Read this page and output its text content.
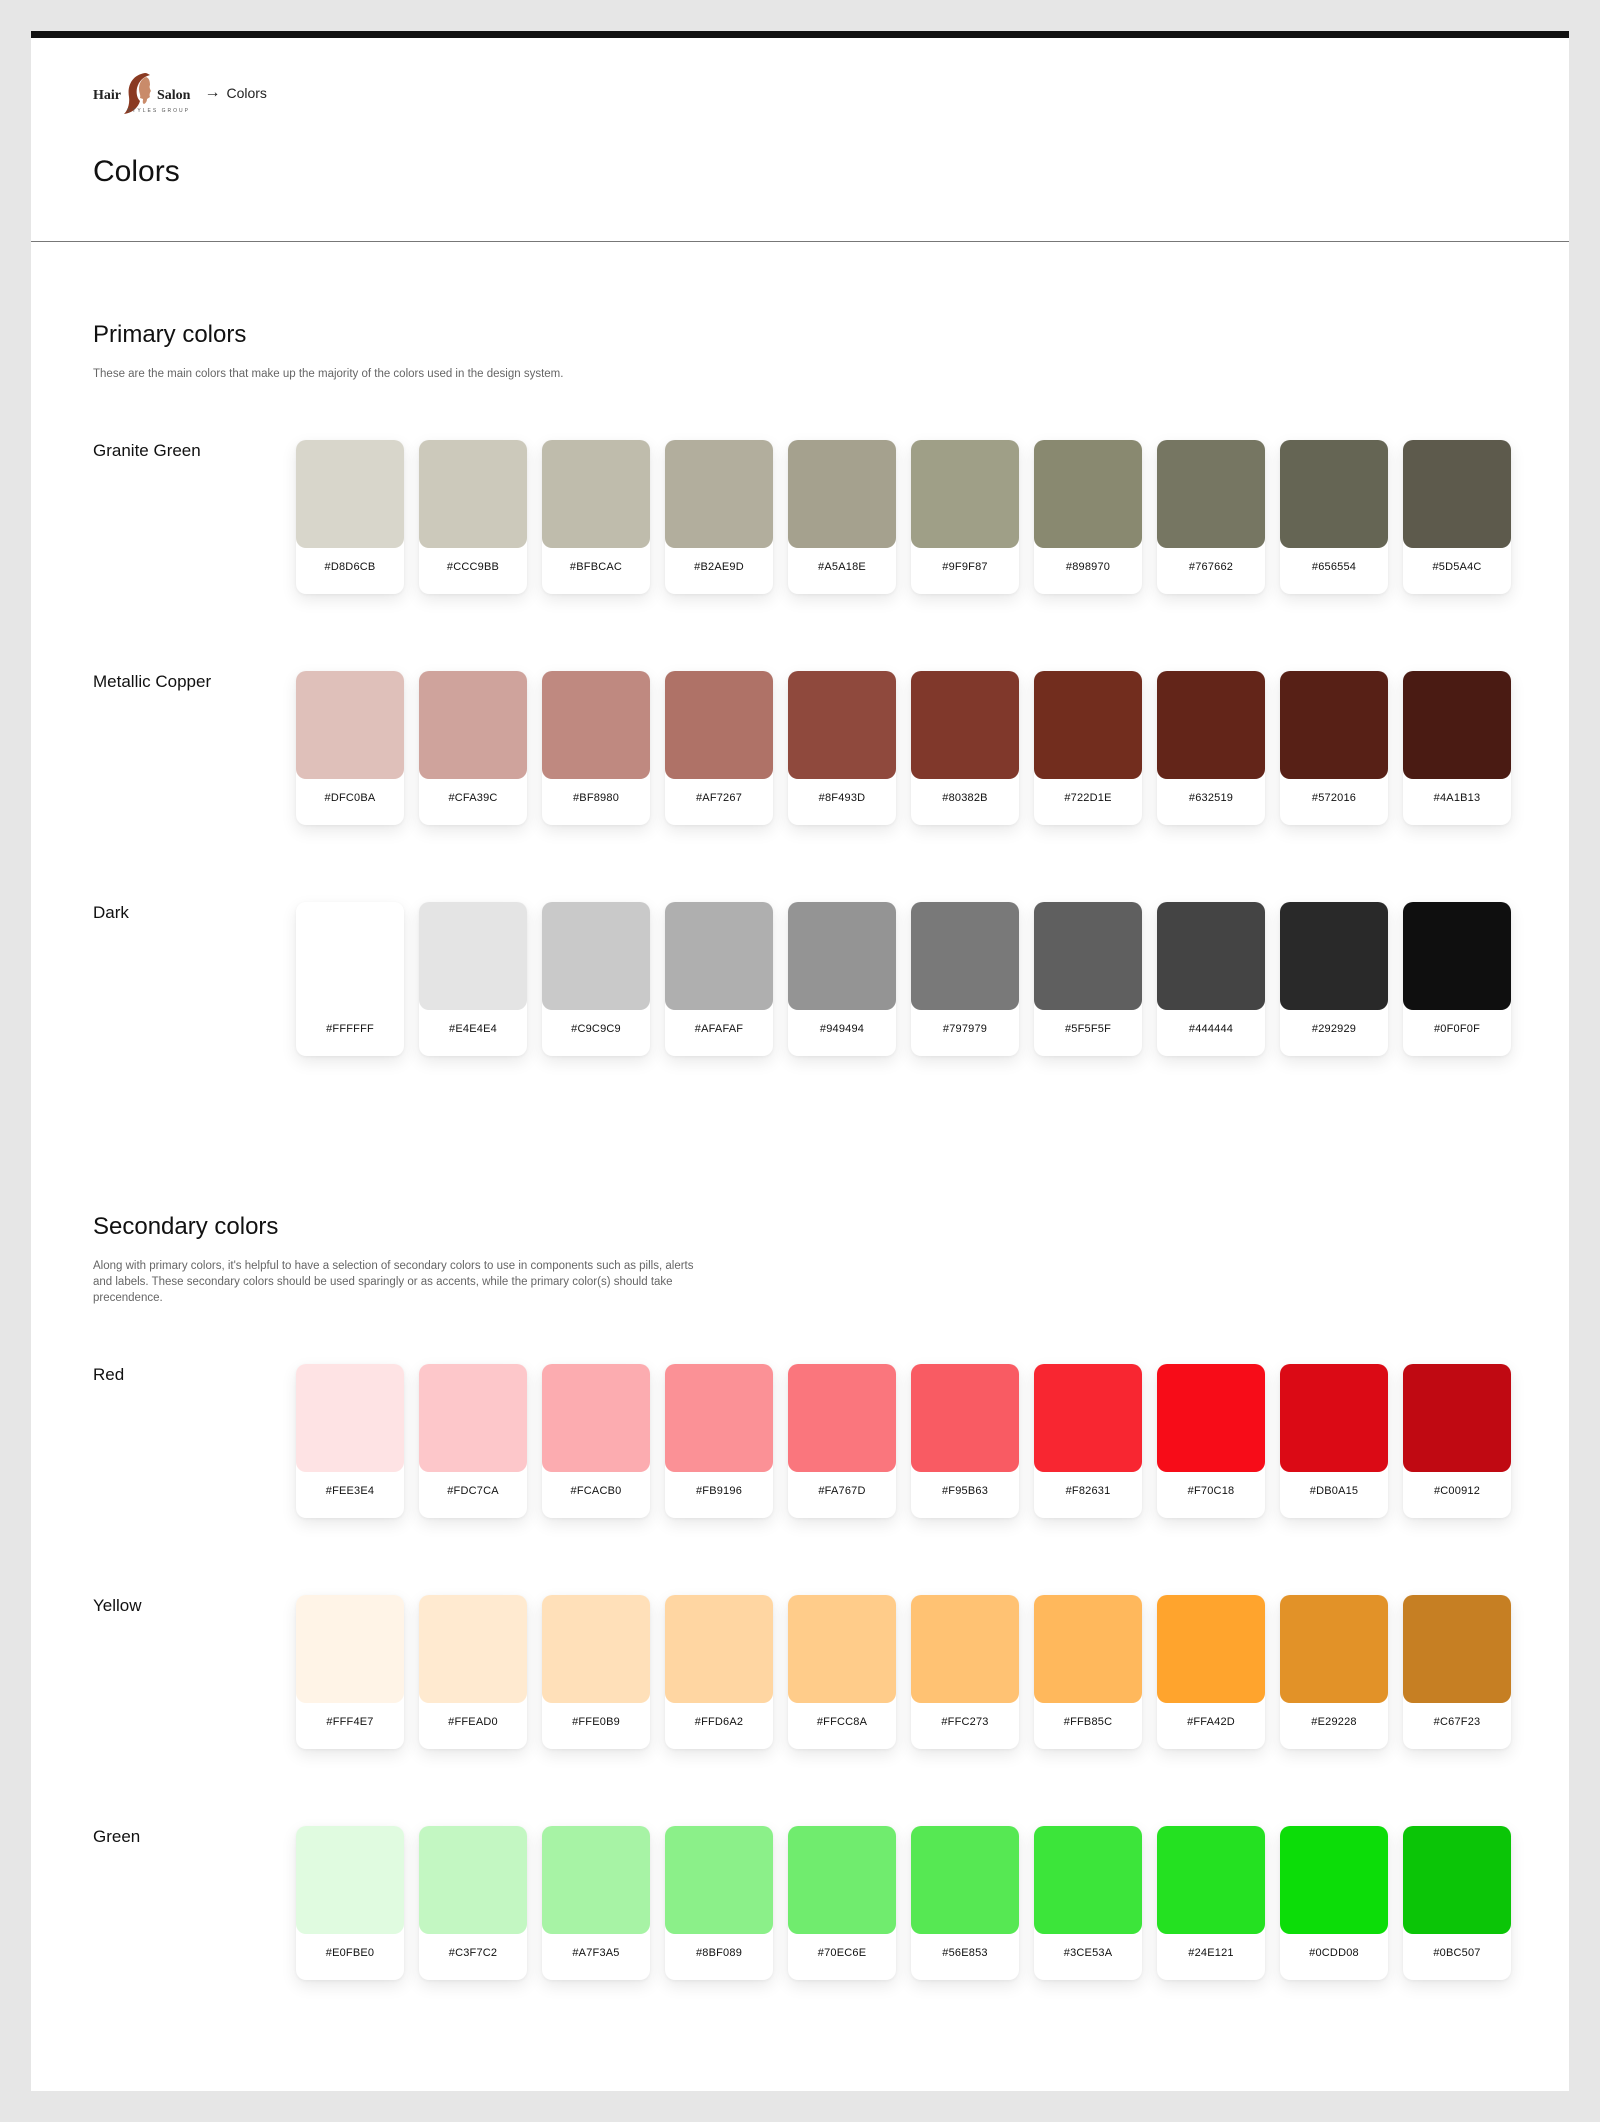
Hair	Salon
STYLES GROUP
→ Colors
Colors
Primary colors

These are the main colors that make up the majority of the colors used in the design system.

Granite Green
#D8D6CB	#CCC9BB	#BFBCAC	#B2AE9D	#A5A18E	#9F9F87	#898970	#767662	#656554	#5D5A4C
Metallic Copper
#DFC0BA	#CFA39C	#BF8980	#AF7267	#8F493D	#80382B	#722D1E	#632519	#572016	#4A1B13
Dark
#FFFFFF	#E4E4E4	#C9C9C9	#AFAFAF	#949494	#797979	#5F5F5F	#444444	#292929	#0F0F0F
Secondary colors

Along with primary colors, it's helpful to have a selection of secondary colors to use in components such as pills, alerts and labels. These secondary colors should be used sparingly or as accents, while the primary color(s) should take precendence.

Red
#FEE3E4	#FDC7CA	#FCACB0	#FB9196	#FA767D	#F95B63	#F82631	#F70C18	#DB0A15	#C00912
Yellow
#FFF4E7	#FFEAD0	#FFE0B9	#FFD6A2	#FFCC8A	#FFC273	#FFB85C	#FFA42D	#E29228	#C67F23
Green
#E0FBE0	#C3F7C2	#A7F3A5	#8BF089	#70EC6E	#56E853	#3CE53A	#24E121	#0CDD08	#0BC507
